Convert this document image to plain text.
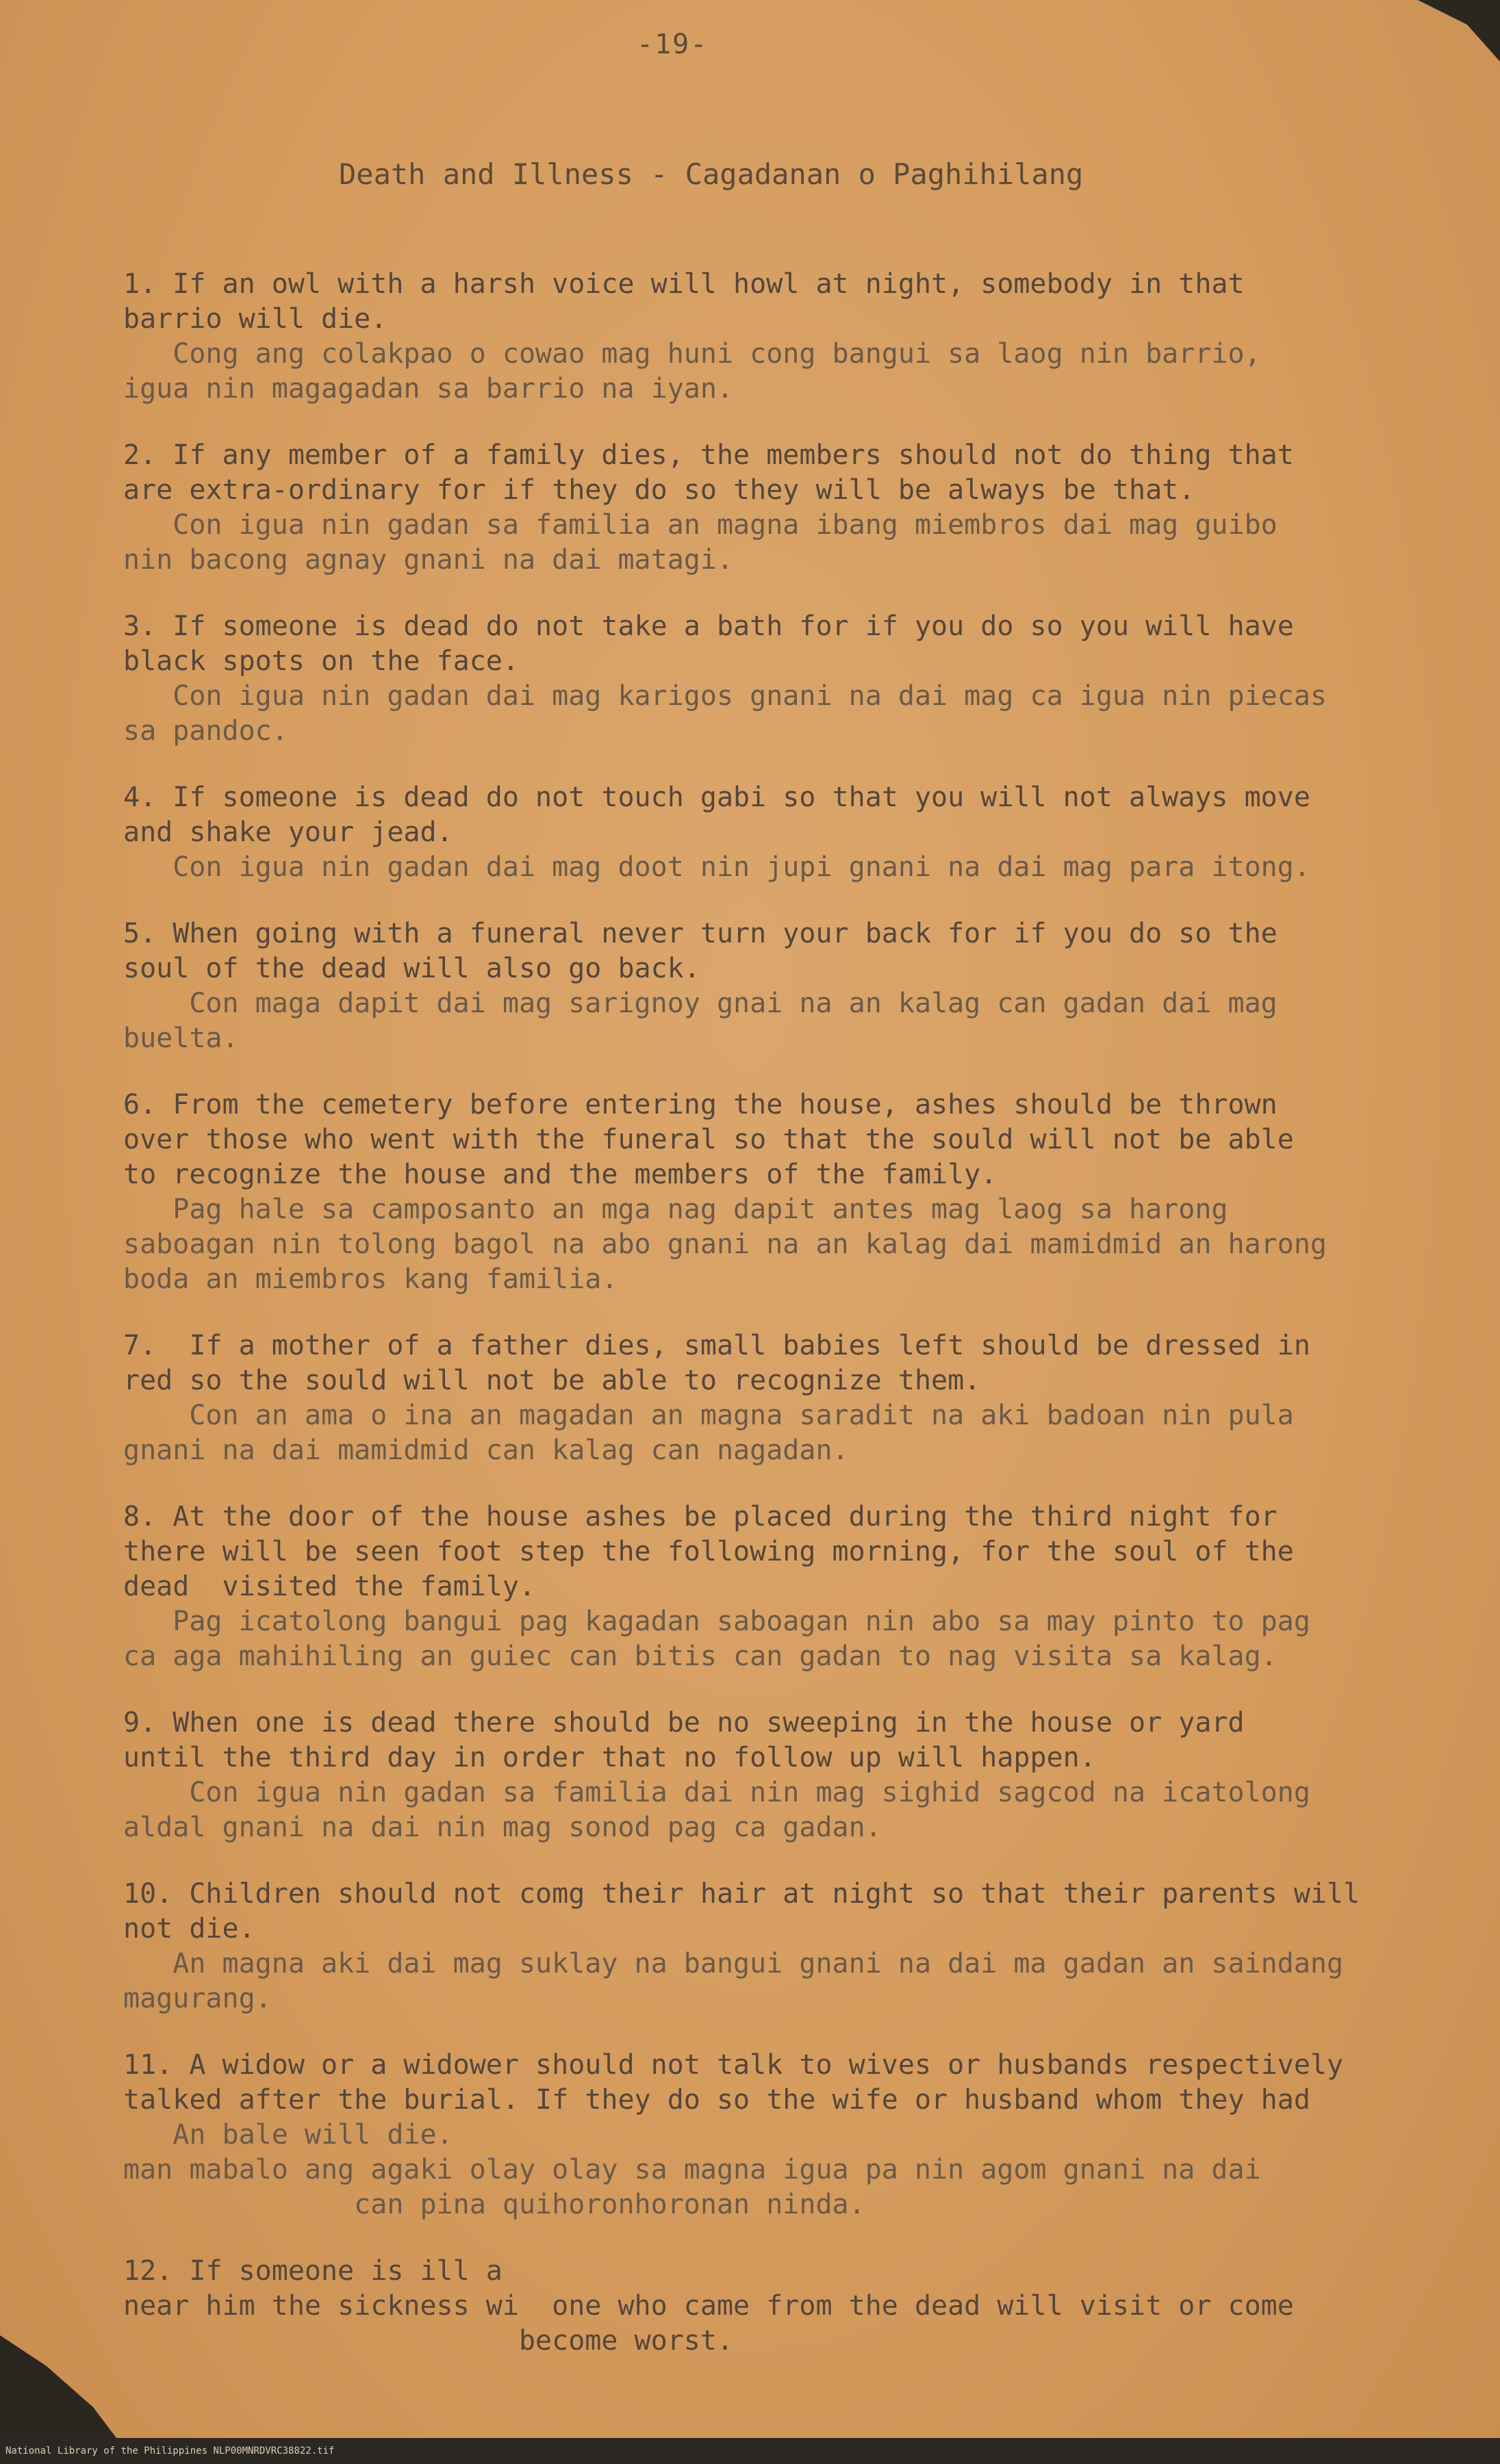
-19-
Death and Illness - Cagadanan o Paghihilang

1. If an owl with a harsh voice will howl at night, somebody in that

barrio will die.

Cong ang colakpao o cowao mag huni cong bangui sa laog nin barrio,

igua nin magagadan sa barrio na iyan.

2. If any member of a family dies, the members should not do thing that

are extra-ordinary for if they do so they will be always be that.

Con igua nin gadan sa familia an magna ibang miembros dai mag guibo

nin bacong agnay gnani na dai matagi.

3. If someone is dead do not take a bath for if you do so you will have

black spots on the face.

Con igua nin gadan dai mag karigos gnani na dai mag ca igua nin piecas

sa pandoc.

4. If someone is dead do not touch gabi so that you will not always move

and shake your jead.

Con igua nin gadan dai mag doot nin jupi gnani na dai mag para itong.

5. When going with a funeral never turn your back for if you do so the

soul of the dead will also go back.

Con maga dapit dai mag sarignoy gnai na an kalag can gadan dai mag

buelta.

6. From the cemetery before entering the house, ashes should be thrown

over those who went with the funeral so that the sould will not be able

to recognize the house and the members of the family.

Pag hale sa camposanto an mga nag dapit antes mag laog sa harong

saboagan nin tolong bagol na abo gnani na an kalag dai mamidmid an harong

boda an miembros kang familia.

7.  If a mother of a father dies, small babies left should be dressed in

red so the sould will not be able to recognize them.

Con an ama o ina an magadan an magna saradit na aki badoan nin pula

gnani na dai mamidmid can kalag can nagadan.

8. At the door of the house ashes be placed during the third night for

there will be seen foot step the following morning, for the soul of the

dead  visited the family.

Pag icatolong bangui pag kagadan saboagan nin abo sa may pinto to pag

ca aga mahihiling an guiec can bitis can gadan to nag visita sa kalag.

9. When one is dead there should be no sweeping in the house or yard

until the third day in order that no follow up will happen.

Con igua nin gadan sa familia dai nin mag sighid sagcod na icatolong

aldal gnani na dai nin mag sonod pag ca gadan.

10. Children should not comg their hair at night so that their parents will

not die.

An magna aki dai mag suklay na bangui gnani na dai ma gadan an saindang

magurang.

11. A widow or a widower should not talk to wives or husbands respectively

talked after the burial. If they do so the wife or husband whom they had

An bale will die.

man mabalo ang agaki olay olay sa magna igua pa nin agom gnani na dai

can pina quihoronhoronan ninda.

12. If someone is ill a

near him the sickness wi  one who came from the dead will visit or come

become worst.

National Library of the Philippines NLP00MNRDVRC38822.tif
